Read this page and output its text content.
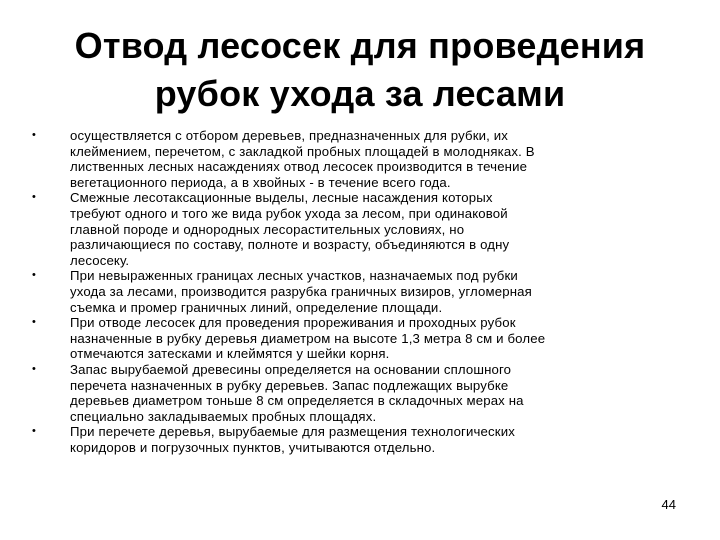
Отвод лесосек для проведения
рубок ухода за лесами
•	осуществляется с отбором деревьев, предназначенных для рубки, их
клеймением, перечетом, с закладкой пробных площадей в молодняках. В
лиственных лесных насаждениях отвод лесосек производится в течение
вегетационного периода, а в хвойных - в течение всего года.
•	Смежные лесотаксационные выделы, лесные насаждения которых
требуют одного и того же вида рубок ухода за лесом, при одинаковой
главной породе и однородных лесорастительных условиях, но
различающиеся по составу, полноте и возрасту, объединяются в одну
лесосеку.
•	При невыраженных границах лесных участков, назначаемых под рубки
ухода за лесами, производится разрубка граничных визиров, угломерная
съемка и промер граничных линий, определение площади.
•	При отводе лесосек для проведения прореживания и проходных рубок
назначенные в рубку деревья диаметром на высоте 1,3 метра 8 см и более
отмечаются затесками и клеймятся у шейки корня.
•	Запас вырубаемой древесины определяется на основании сплошного
перечета назначенных в рубку деревьев. Запас подлежащих вырубке
деревьев диаметром тоньше 8 см определяется в складочных мерах на
специально закладываемых пробных площадях.
•	При перечете деревья, вырубаемые для размещения технологических
коридоров и погрузочных пунктов, учитываются отдельно.
44
